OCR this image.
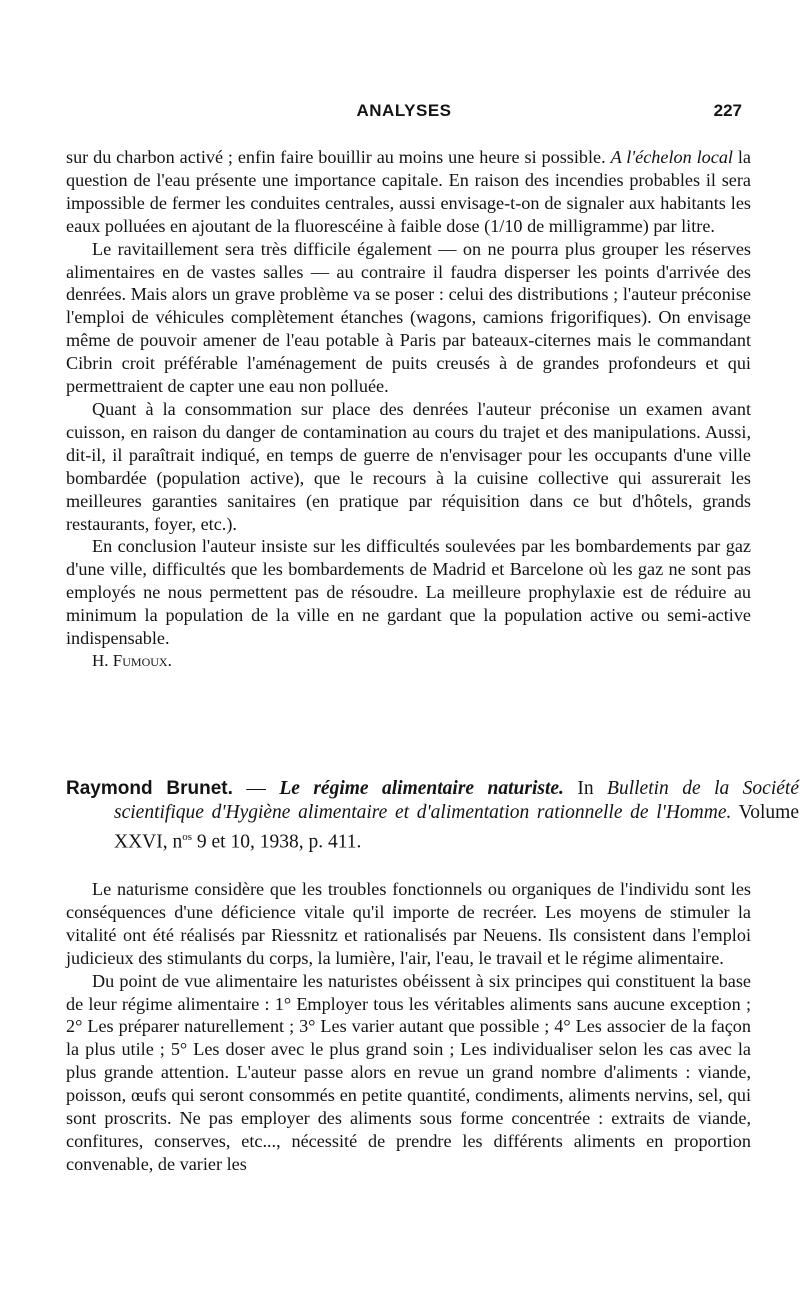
ANALYSES	227

sur du charbon activé ; enfin faire bouillir au moins une heure si possible. A l'échelon local la question de l'eau présente une importance capitale. En raison des incendies probables il sera impossible de fermer les conduites centrales, aussi envisage-t-on de signaler aux habitants les eaux polluées en ajoutant de la fluorescéine à faible dose (1/10 de milligramme) par litre.

Le ravitaillement sera très difficile également — on ne pourra plus grouper les réserves alimentaires en de vastes salles — au contraire il faudra disperser les points d'arrivée des denrées. Mais alors un grave problème va se poser : celui des distributions ; l'auteur préconise l'emploi de véhicules complètement étanches (wagons, camions frigorifiques). On envisage même de pouvoir amener de l'eau potable à Paris par bateaux-citernes mais le commandant Cibrin croit préférable l'aménagement de puits creusés à de grandes profondeurs et qui permettraient de capter une eau non polluée.

Quant à la consommation sur place des denrées l'auteur préconise un examen avant cuisson, en raison du danger de contamination au cours du trajet et des manipulations. Aussi, dit-il, il paraîtrait indiqué, en temps de guerre de n'envisager pour les occupants d'une ville bombardée (population active), que le recours à la cuisine collective qui assurerait les meilleures garanties sanitaires (en pratique par réquisition dans ce but d'hôtels, grands restaurants, foyer, etc.).

En conclusion l'auteur insiste sur les difficultés soulevées par les bombardements par gaz d'une ville, difficultés que les bombardements de Madrid et Barcelone où les gaz ne sont pas employés ne nous permettent pas de résoudre. La meilleure prophylaxie est de réduire au minimum la population de la ville en ne gardant que la population active ou semi-active indispensable.

H. Fumoux.

Raymond Brunet. — Le régime alimentaire naturiste. In Bulletin de la Société scientifique d'Hygiène alimentaire et d'alimentation rationnelle de l'Homme. Volume XXVI, $n^{os}$ 9 et 10, 1938, p. 411.

Le naturisme considère que les troubles fonctionnels ou organiques de l'individu sont les conséquences d'une déficience vitale qu'il importe de recréer. Les moyens de stimuler la vitalité ont été réalisés par Riessnitz et rationalisés par Neuens. Ils consistent dans l'emploi judicieux des stimulants du corps, la lumière, l'air, l'eau, le travail et le régime alimentaire.

Du point de vue alimentaire les naturistes obéissent à six principes qui constituent la base de leur régime alimentaire : 1° Employer tous les véritables aliments sans aucune exception ; 2° Les préparer naturellement ; 3° Les varier autant que possible ; 4° Les associer de la façon la plus utile ; 5° Les doser avec le plus grand soin ; Les individualiser selon les cas avec la plus grande attention. L'auteur passe alors en revue un grand nombre d'aliments : viande, poisson, œufs qui seront consommés en petite quantité, condiments, aliments nervins, sel, qui sont proscrits. Ne pas employer des aliments sous forme concentrée : extraits de viande, confitures, conserves, etc..., nécessité de prendre les différents aliments en proportion convenable, de varier les
